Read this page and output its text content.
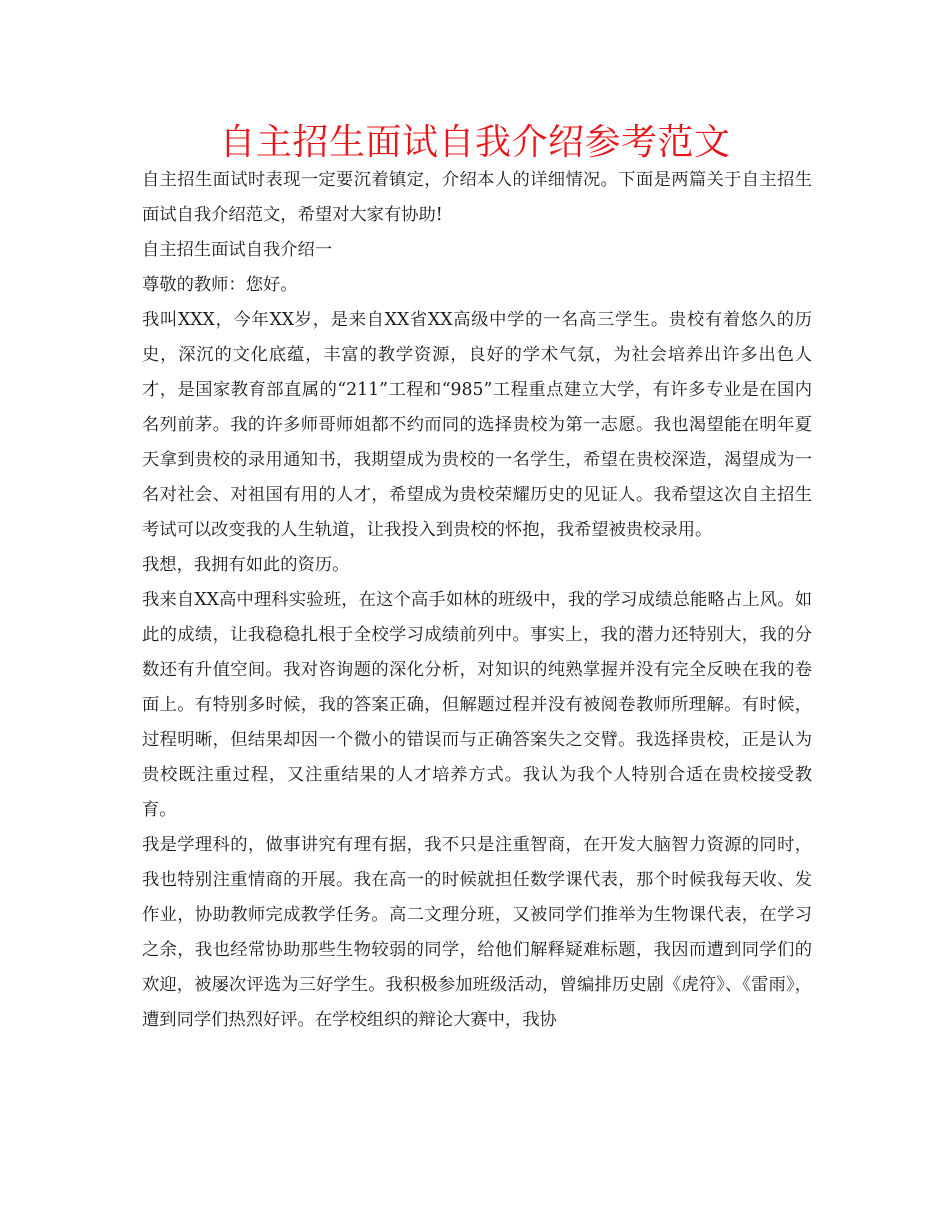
自主招生面试自我介绍参考范文

自主招生面试时表现一定要沉着镇定，介绍本人的详细情况。下面是两篇关于自主招生面试自我介绍范文，希望对大家有协助!

自主招生面试自我介绍一

尊敬的教师：您好。

我叫XXX，今年XX岁，是来自XX省XX高级中学的一名高三学生。贵校有着悠久的历史，深沉的文化底蕴，丰富的教学资源，良好的学术气氛，为社会培养出许多出色人才，是国家教育部直属的“211”工程和“985”工程重点建立大学，有许多专业是在国内名列前茅。我的许多师哥师姐都不约而同的选择贵校为第一志愿。我也渴望能在明年夏天拿到贵校的录用通知书，我期望成为贵校的一名学生，希望在贵校深造，渴望成为一名对社会、对祖国有用的人才，希望成为贵校荣耀历史的见证人。我希望这次自主招生考试可以改变我的人生轨道，让我投入到贵校的怀抱，我希望被贵校录用。

我想，我拥有如此的资历。

我来自XX高中理科实验班，在这个高手如林的班级中，我的学习成绩总能略占上风。如此的成绩，让我稳稳扎根于全校学习成绩前列中。事实上，我的潜力还特别大，我的分数还有升值空间。我对咨询题的深化分析，对知识的纯熟掌握并没有完全反映在我的卷面上。有特别多时候，我的答案正确，但解题过程并没有被阅卷教师所理解。有时候，过程明晰，但结果却因一个微小的错误而与正确答案失之交臂。我选择贵校，正是认为贵校既注重过程，又注重结果的人才培养方式。我认为我个人特别合适在贵校接受教育。

我是学理科的，做事讲究有理有据，我不只是注重智商，在开发大脑智力资源的同时，我也特别注重情商的开展。我在高一的时候就担任数学课代表，那个时候我每天收、发作业，协助教师完成教学任务。高二文理分班，又被同学们推举为生物课代表，在学习之余，我也经常协助那些生物较弱的同学，给他们解释疑难标题，我因而遭到同学们的欢迎，被屡次评选为三好学生。我积极参加班级活动，曾编排历史剧《虎符》、《雷雨》，遭到同学们热烈好评。在学校组织的辩论大赛中，我协
